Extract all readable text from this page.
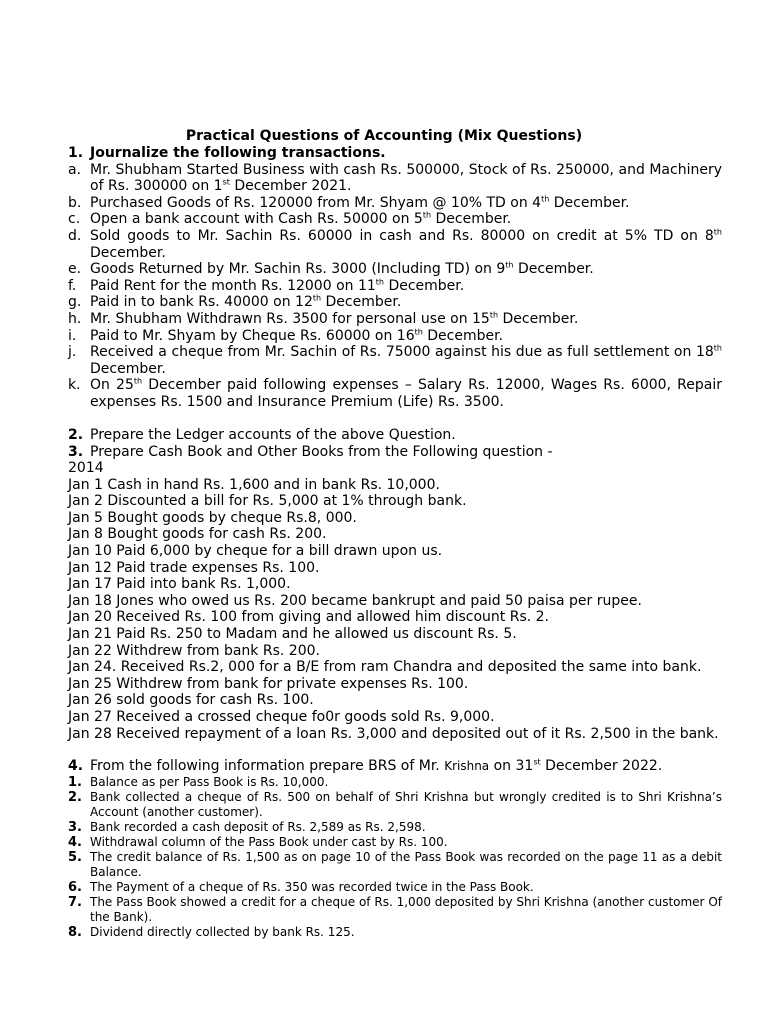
Practical Questions of Accounting (Mix Questions)
1. Journalize the following transactions.
a. Mr. Shubham Started Business with cash Rs. 500000, Stock of Rs. 250000, and Machinery of Rs. 300000 on 1st December 2021.
b. Purchased Goods of Rs. 120000 from Mr. Shyam @ 10% TD on 4th December.
c. Open a bank account with Cash Rs. 50000 on 5th December.
d. Sold goods to Mr. Sachin Rs. 60000 in cash and Rs. 80000 on credit at 5% TD on 8th December.
e. Goods Returned by Mr. Sachin Rs. 3000 (Including TD) on 9th December.
f. Paid Rent for the month Rs. 12000 on 11th December.
g. Paid in to bank Rs. 40000 on 12th December.
h. Mr. Shubham Withdrawn Rs. 3500 for personal use on 15th December.
i. Paid to Mr. Shyam by Cheque Rs. 60000 on 16th December.
j. Received a cheque from Mr. Sachin of Rs. 75000 against his due as full settlement on 18th December.
k. On 25th December paid following expenses – Salary Rs. 12000, Wages Rs. 6000, Repair expenses Rs. 1500 and Insurance Premium (Life) Rs. 3500.
2. Prepare the Ledger accounts of the above Question.
3. Prepare Cash Book and Other Books from the Following question -
2014
Jan 1 Cash in hand Rs. 1,600 and in bank Rs. 10,000.
Jan 2 Discounted a bill for Rs. 5,000 at 1% through bank.
Jan 5 Bought goods by cheque Rs.8, 000.
Jan 8 Bought goods for cash Rs. 200.
Jan 10 Paid 6,000 by cheque for a bill drawn upon us.
Jan 12 Paid trade expenses Rs. 100.
Jan 17 Paid into bank Rs. 1,000.
Jan 18 Jones who owed us Rs. 200 became bankrupt and paid 50 paisa per rupee.
Jan 20 Received Rs. 100 from giving and allowed him discount Rs. 2.
Jan 21 Paid Rs. 250 to Madam and he allowed us discount Rs. 5.
Jan 22 Withdrew from bank Rs. 200.
Jan 24. Received Rs.2, 000 for a B/E from ram Chandra and deposited the same into bank.
Jan 25 Withdrew from bank for private expenses Rs. 100.
Jan 26 sold goods for cash Rs. 100.
Jan 27 Received a crossed cheque fo0r goods sold Rs. 9,000.
Jan 28 Received repayment of a loan Rs. 3,000 and deposited out of it Rs. 2,500 in the bank.
4. From the following information prepare BRS of Mr. Krishna on 31st December 2022.
1. Balance as per Pass Book is Rs. 10,000.
2. Bank collected a cheque of Rs. 500 on behalf of Shri Krishna but wrongly credited is to Shri Krishna’s Account (another customer).
3. Bank recorded a cash deposit of Rs. 2,589 as Rs. 2,598.
4. Withdrawal column of the Pass Book under cast by Rs. 100.
5. The credit balance of Rs. 1,500 as on page 10 of the Pass Book was recorded on the page 11 as a debit Balance.
6. The Payment of a cheque of Rs. 350 was recorded twice in the Pass Book.
7. The Pass Book showed a credit for a cheque of Rs. 1,000 deposited by Shri Krishna (another customer Of the Bank).
8. Dividend directly collected by bank Rs. 125.
